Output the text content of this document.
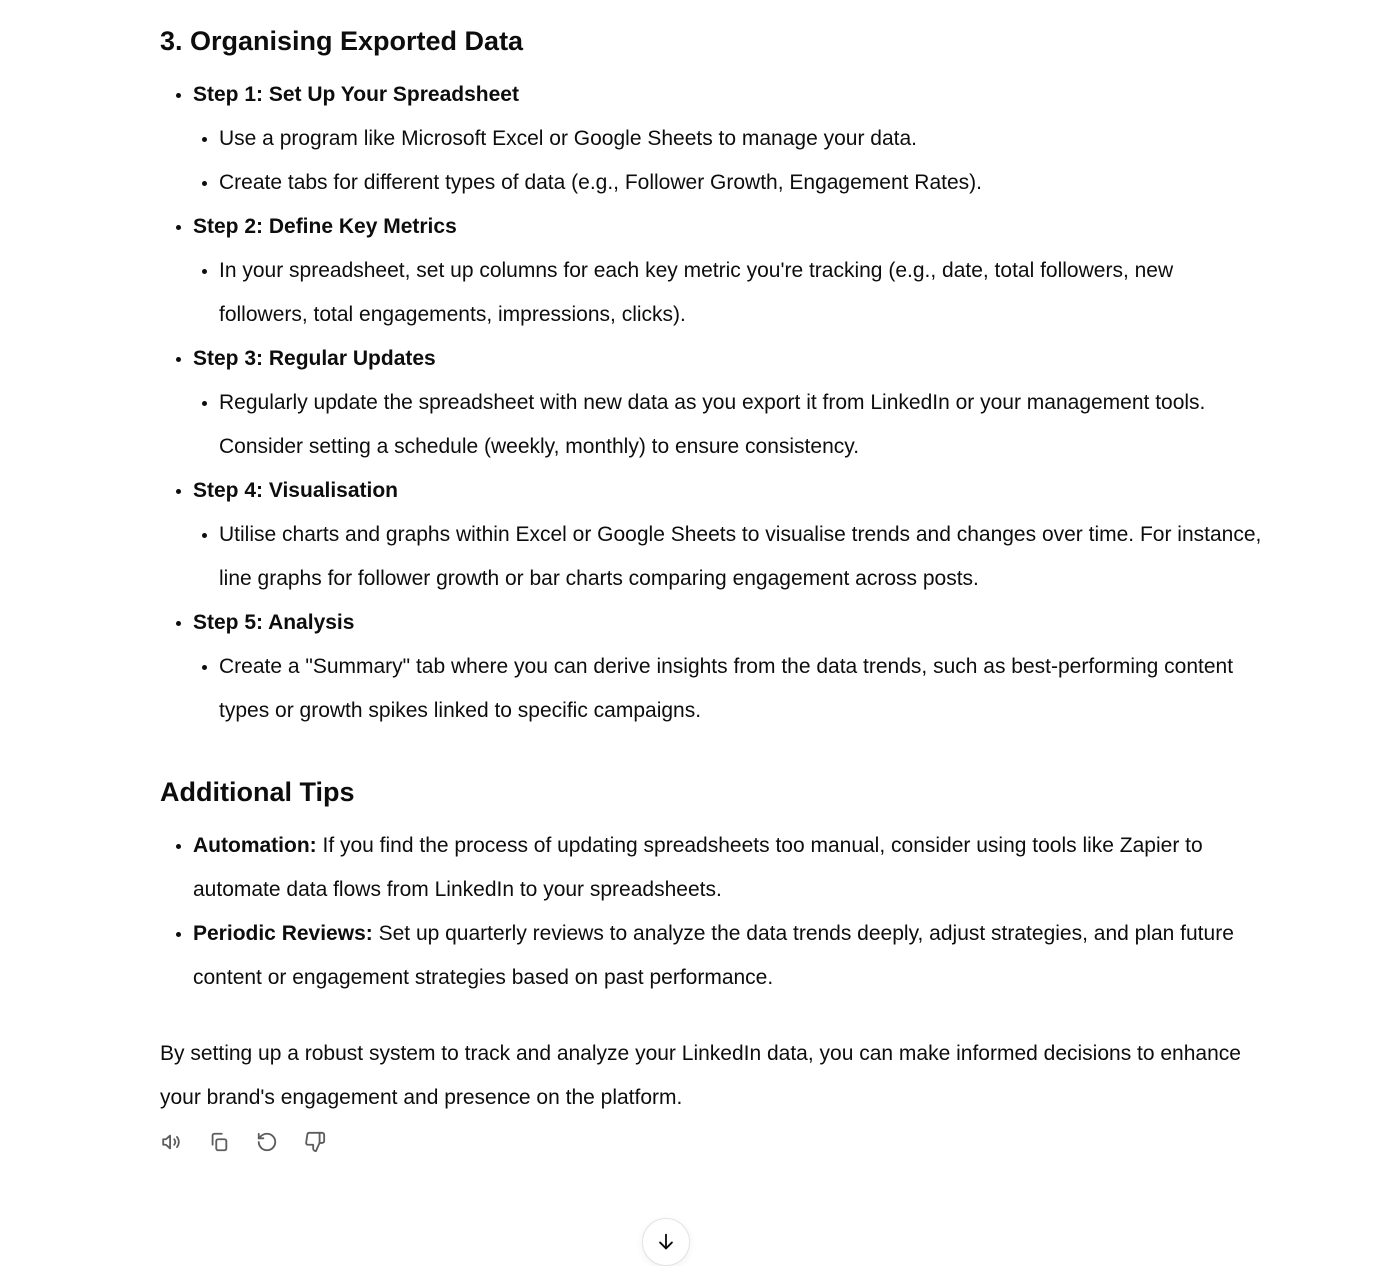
3. Organising Exported Data
• Step 1: Set Up Your Spreadsheet
• Use a program like Microsoft Excel or Google Sheets to manage your data.
• Create tabs for different types of data (e.g., Follower Growth, Engagement Rates).
• Step 2: Define Key Metrics
• In your spreadsheet, set up columns for each key metric you're tracking (e.g., date, total followers, new followers, total engagements, impressions, clicks).
• Step 3: Regular Updates
• Regularly update the spreadsheet with new data as you export it from LinkedIn or your management tools. Consider setting a schedule (weekly, monthly) to ensure consistency.
• Step 4: Visualisation
• Utilise charts and graphs within Excel or Google Sheets to visualise trends and changes over time. For instance, line graphs for follower growth or bar charts comparing engagement across posts.
• Step 5: Analysis
• Create a "Summary" tab where you can derive insights from the data trends, such as best-performing content types or growth spikes linked to specific campaigns.
Additional Tips
• Automation: If you find the process of updating spreadsheets too manual, consider using tools like Zapier to automate data flows from LinkedIn to your spreadsheets.
• Periodic Reviews: Set up quarterly reviews to analyze the data trends deeply, adjust strategies, and plan future content or engagement strategies based on past performance.

By setting up a robust system to track and analyze your LinkedIn data, you can make informed decisions to enhance your brand's engagement and presence on the platform.
